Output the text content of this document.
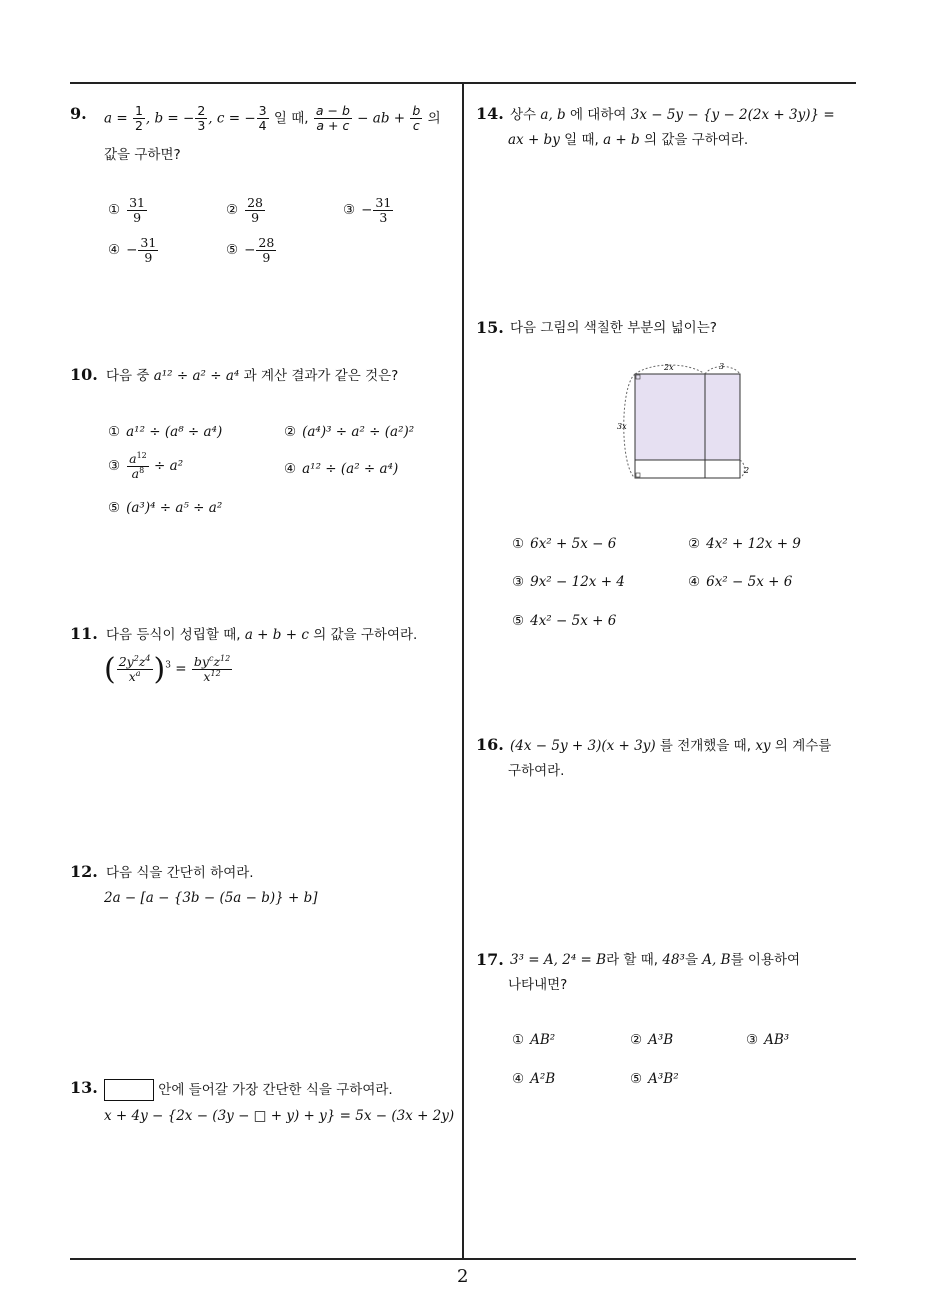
2
9. $a = \frac{1}{2}$ , b = − $\frac{2}{3}$ , c = − $\frac{3}{4}$ 일 때, $\frac{a - b}{a + c}$ − ab + $\frac{b}{c}$ 의
값을 구하면?
① $\frac{31}{9}$	② $\frac{28}{9}$	③ − $\frac{31}{3}$
④ − $\frac{31}{9}$	⑤ − $\frac{28}{9}$
10. 다음 중 a¹² ÷ a² ÷ a⁴ 과 계산 결과가 같은 것은?
① a¹² ÷ (a⁸ ÷ a⁴)	② (a⁴)³ ÷ a² ÷ (a²)²
③ $\frac{a^{12}}{a^8} \div a^2$	④ a¹² ÷ (a² ÷ a⁴)
⑤ (a³)⁴ ÷ a⁵ ÷ a²
11. 다음 등식이 성립할 때, a + b + c 의 값을 구하여라.
( $\frac{2y^2z^4}{x^a} )^3 = \frac{by^cz^{12}}{x^{12}}$
12. 다음 식을 간단히 하여라.
2a − [a − {3b − (5a − b)} + b]
13.	안에 들어갈 가장 간단한 식을 구하여라.
x + 4y − {2x − (3y − □ + y) + y} = 5x − (3x + 2y)
14. 상수 a, b 에 대하여 3x − 5y − {y − 2(2x + 3y)} =
ax + by 일 때, a + b 의 값을 구하여라.
15. 다음 그림의 색칠한 부분의 넓이는?
2x	3
3x
2
① 6x² + 5x − 6	② 4x² + 12x + 9
③ 9x² − 12x + 4	④ 6x² − 5x + 6
⑤ 4x² − 5x + 6
16. (4x − 5y + 3)(x + 3y) 를 전개했을 때, xy 의 계수를
구하여라.
17. 3³ = A, 2⁴ = B라 할 때, 48³을 A, B를 이용하여
나타내면?
① AB²	② A³B	③ AB³
④ A²B	⑤ A³B²
